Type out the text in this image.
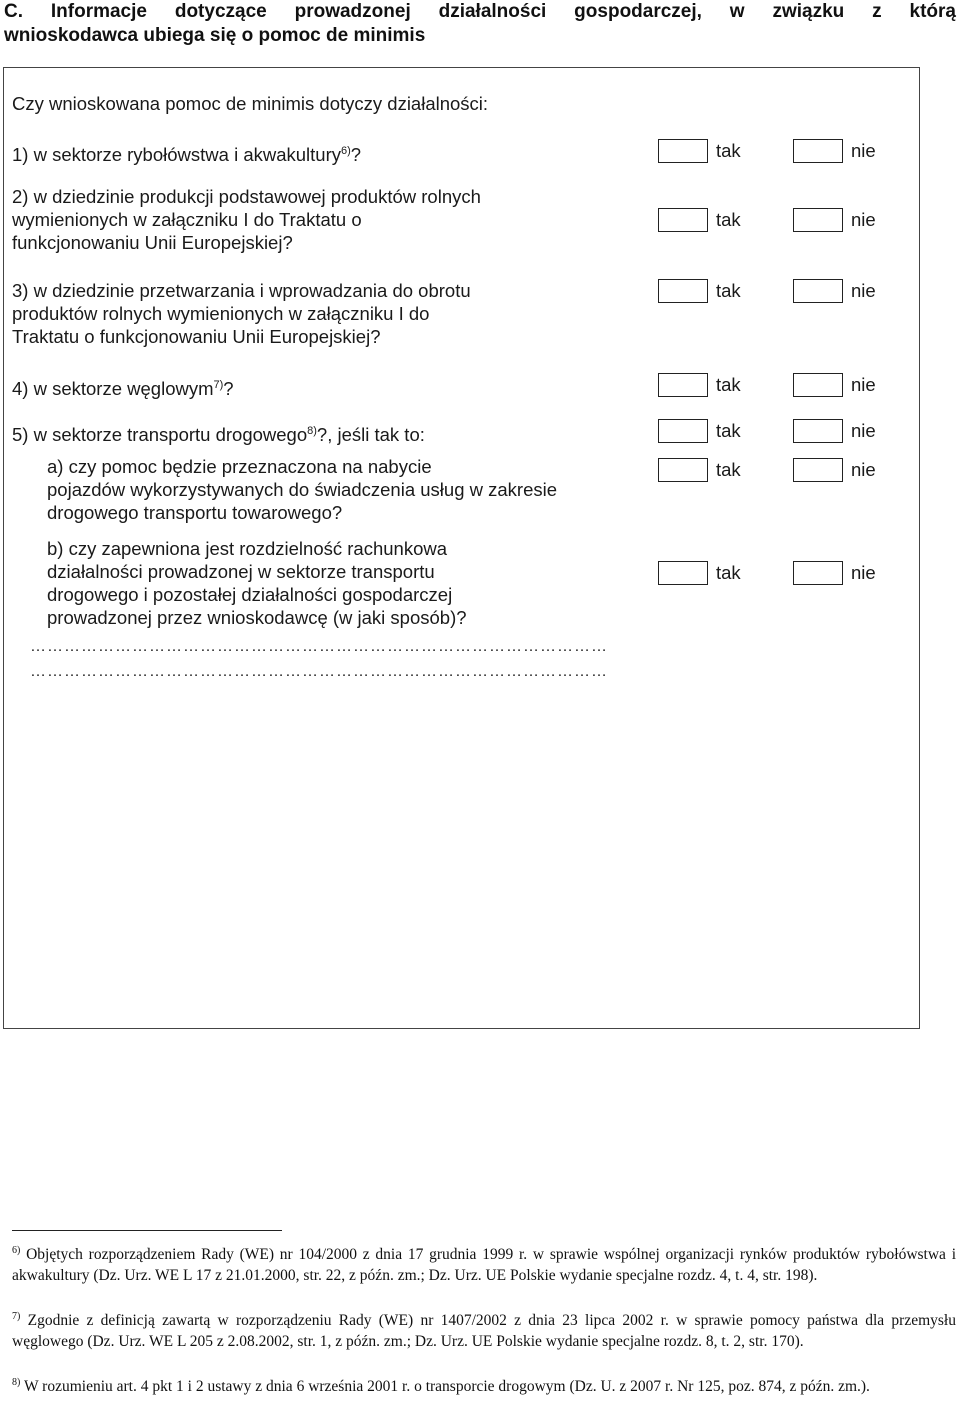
C. Informacje dotyczące prowadzonej działalności gospodarczej, w związku z którą
wnioskodawca ubiega się o pomoc de minimis
Czy wnioskowana pomoc de minimis dotyczy działalności:
1) w sektorze rybołówstwa i akwakultury$^{6)}$?	tak	nie
2) w dziedzinie produkcji podstawowej produktów rolnych
wymienionych w załączniku I do Traktatu o
funkcjonowaniu Unii Europejskiej?
tak	nie
3) w dziedzinie przetwarzania i wprowadzania do obrotu
produktów rolnych wymienionych w załączniku I do
Traktatu o funkcjonowaniu Unii Europejskiej?
tak	nie
4) w sektorze węglowym$^{7)}$?	tak	nie
5) w sektorze transportu drogowego$^{8)}$?, jeśli tak to:	tak	nie
a) czy pomoc będzie przeznaczona na nabycie
pojazdów wykorzystywanych do świadczenia usług w zakresie
drogowego transportu towarowego?
tak	nie
b) czy zapewniona jest rozdzielność rachunkowa
działalności prowadzonej w sektorze transportu
drogowego i pozostałej działalności gospodarczej
prowadzonej przez wnioskodawcę (w jaki sposób)?
tak	nie
…………………………………………………………………………………………
…………………………………………………………………………………………
$^{6)}$ Objętych rozporządzeniem Rady (WE) nr 104/2000 z dnia 17 grudnia 1999 r. w sprawie wspólnej organizacji rynków produktów rybołówstwa i akwakultury (Dz. Urz. WE L 17 z 21.01.2000, str. 22, z późn. zm.; Dz. Urz. UE Polskie wydanie specjalne rozdz. 4, t. 4, str. 198).
$^{7)}$ Zgodnie z definicją zawartą w rozporządzeniu Rady (WE) nr 1407/2002 z dnia 23 lipca 2002 r. w sprawie pomocy państwa dla przemysłu węglowego (Dz. Urz. WE L 205 z 2.08.2002, str. 1, z późn. zm.; Dz. Urz. UE Polskie wydanie specjalne rozdz. 8, t. 2, str. 170).
$^{8)}$ W rozumieniu art. 4 pkt 1 i 2 ustawy z dnia 6 września 2001 r. o transporcie drogowym (Dz. U. z 2007 r. Nr 125, poz. 874, z późn. zm.).
